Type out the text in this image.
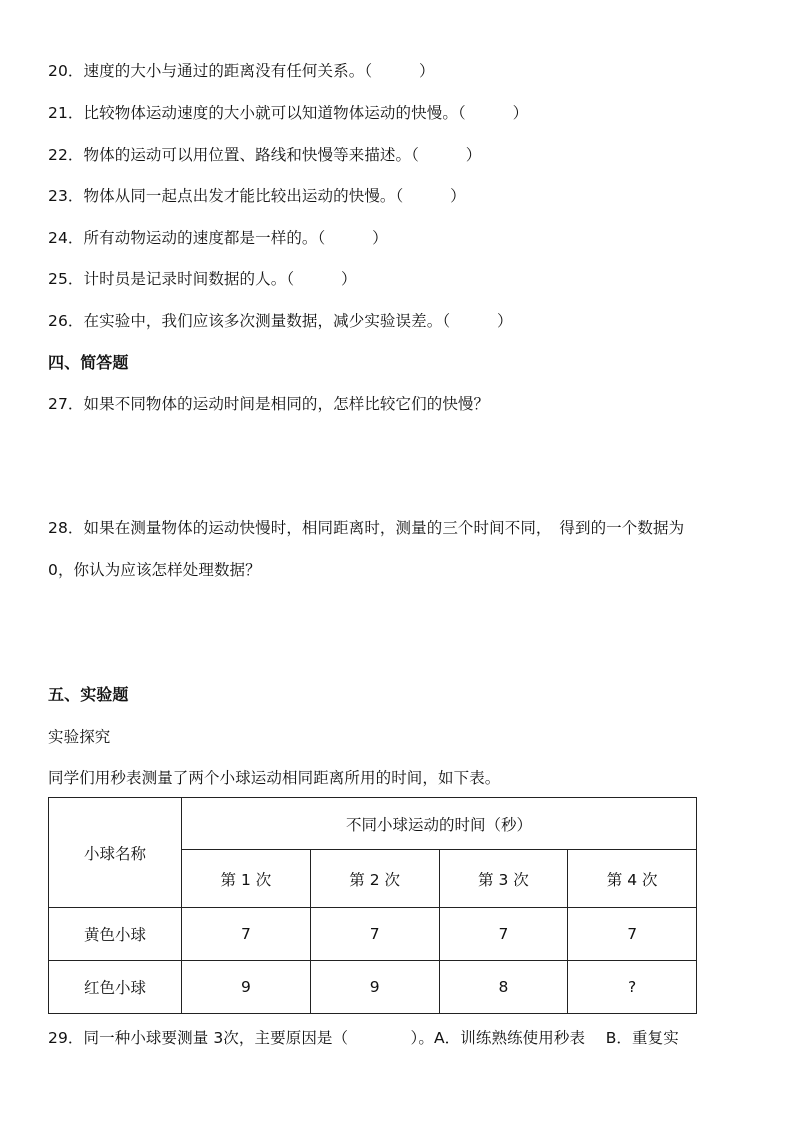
20．速度的大小与通过的距离没有任何关系。（　　　）
21．比较物体运动速度的大小就可以知道物体运动的快慢。（　　　）
22．物体的运动可以用位置、路线和快慢等来描述。（　　　）
23．物体从同一起点出发才能比较出运动的快慢。（　　　）
24．所有动物运动的速度都是一样的。（　　　）
25．计时员是记录时间数据的人。（　　　）
26．在实验中，我们应该多次测量数据，减少实验误差。（　　　）
四、简答题
27．如果不同物体的运动时间是相同的，怎样比较它们的快慢？
28．如果在测量物体的运动快慢时，相同距离时，测量的三个时间不同，　得到的一个数据为
0，你认为应该怎样处理数据？
五、实验题
实验探究
同学们用秒表测量了两个小球运动相同距离所用的时间，如下表。
小球名称	不同小球运动的时间（秒）			
	第 1 次	第 2 次	第 3 次	第 4 次
黄色小球	7	7	7	7
红色小球	9	9	8	?
29．同一种小球要测量 3次，主要原因是（　　　　）。A．训练熟练使用秒表　 B．重复实
